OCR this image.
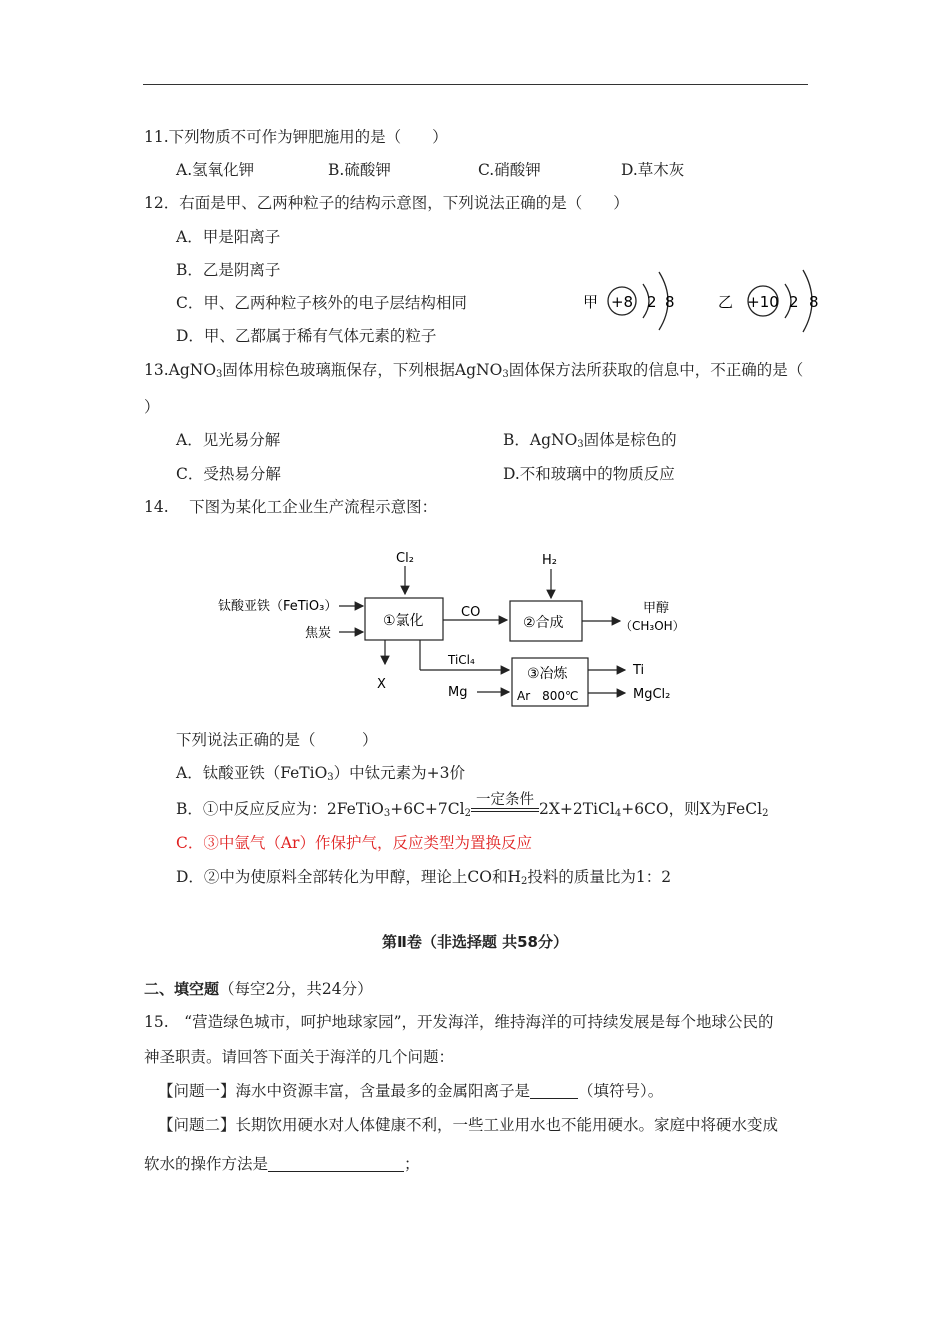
11.下列物质不可作为钾肥施用的是（　　）
A.氢氧化钾	B.硫酸钾	C.硝酸钾	D.草木灰
12．右面是甲、乙两种粒子的结构示意图，下列说法正确的是（　　）
A．甲是阳离子
B．乙是阴离子
C．甲、乙两种粒子核外的电子层结构相同
D．甲、乙都属于稀有气体元素的粒子
甲 +8 2 8	乙 +10 2 8
13.AgNO$_3$固体用棕色玻璃瓶保存，下列根据AgNO$_3$固体保方法所获取的信息中，不正确的是（
）
A．见光易分解	B．AgNO$_3$固体是棕色的
C．受热易分解	D.不和玻璃中的物质反应
14.　 下图为某化工企业生产流程示意图：
Cl₂
①氯化
钛酸亚铁（FeTiO₃）
焦炭
X
CO
H₂
②合成
甲醇
（CH₃OH）
TiCl₄
Mg
③冶炼
Ar　800℃
Ti
MgCl₂
下列说法正确的是（　　　）
A．钛酸亚铁（FeTiO$_3$）中钛元素为+3价
B．①中反应反应为：$2FeTiO_3+6C+7Cl_2$
一定条件 2X+2TiCl$_4$+6CO，则X为FeCl$_2$
C．③中氩气（Ar）作保护气，反应类型为置换反应
D．②中为使原料全部转化为甲醇，理论上CO和$H_2$投料的质量比为1：2
第Ⅱ卷（非选择题 共58分）
二、填空题（每空2分，共24分）
15.　“营造绿色城市，呵护地球家园”，开发海洋，维持海洋的可持续发展是每个地球公民的
神圣职责。请回答下面关于海洋的几个问题：
【问题一】海水中资源丰富，含量最多的金属阳离子是	（填符号）。
【问题二】长期饮用硬水对人体健康不利，一些工业用水也不能用硬水。家庭中将硬水变成
软水的操作方法是	；
